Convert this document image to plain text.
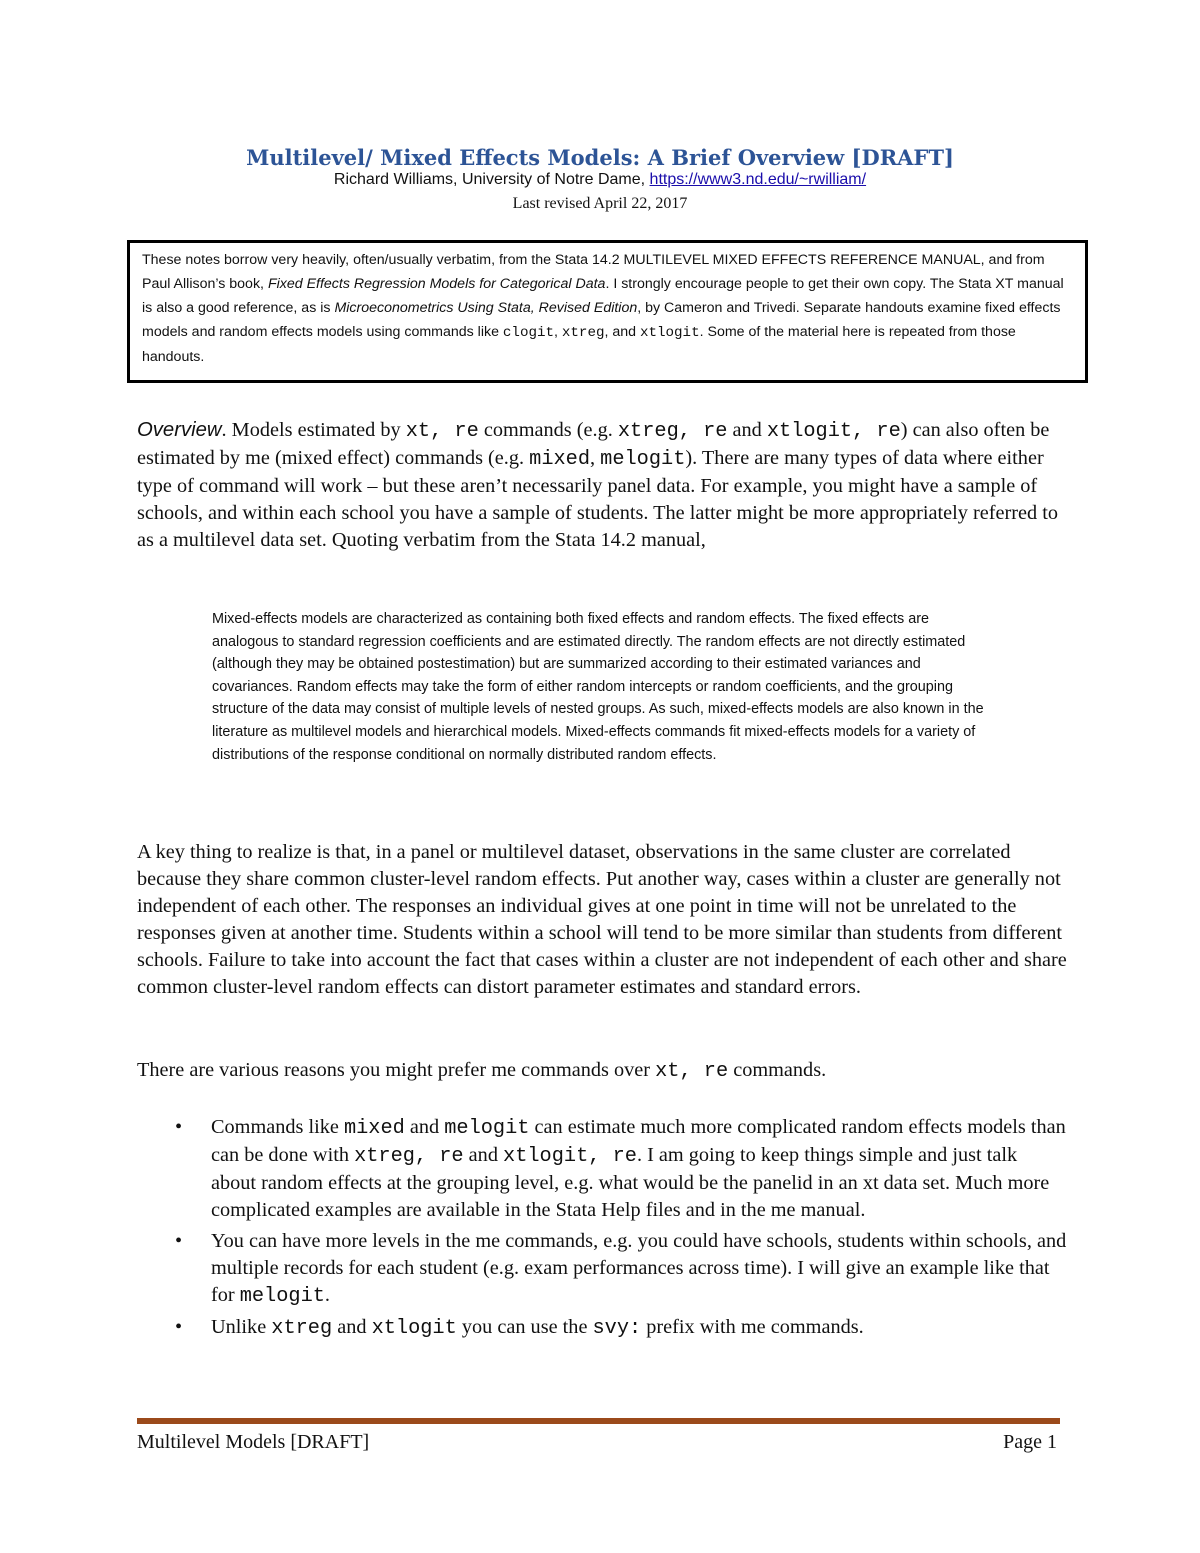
Multilevel/ Mixed Effects Models: A Brief Overview [DRAFT]
Richard Williams, University of Notre Dame, https://www3.nd.edu/~rwilliam/
Last revised April 22, 2017
These notes borrow very heavily, often/usually verbatim, from the Stata 14.2 MULTILEVEL MIXED EFFECTS REFERENCE MANUAL, and from Paul Allison’s book, Fixed Effects Regression Models for Categorical Data. I strongly encourage people to get their own copy. The Stata XT manual is also a good reference, as is Microeconometrics Using Stata, Revised Edition, by Cameron and Trivedi. Separate handouts examine fixed effects models and random effects models using commands like clogit, xtreg, and xtlogit. Some of the material here is repeated from those handouts.
Overview. Models estimated by xt, re commands (e.g. xtreg, re and xtlogit, re) can also often be estimated by me (mixed effect) commands (e.g. mixed, melogit). There are many types of data where either type of command will work – but these aren’t necessarily panel data. For example, you might have a sample of schools, and within each school you have a sample of students. The latter might be more appropriately referred to as a multilevel data set. Quoting verbatim from the Stata 14.2 manual,
Mixed-effects models are characterized as containing both fixed effects and random effects. The fixed effects are analogous to standard regression coefficients and are estimated directly. The random effects are not directly estimated (although they may be obtained postestimation) but are summarized according to their estimated variances and covariances. Random effects may take the form of either random intercepts or random coefficients, and the grouping structure of the data may consist of multiple levels of nested groups. As such, mixed-effects models are also known in the literature as multilevel models and hierarchical models. Mixed-effects commands fit mixed-effects models for a variety of distributions of the response conditional on normally distributed random effects.
A key thing to realize is that, in a panel or multilevel dataset, observations in the same cluster are correlated because they share common cluster-level random effects. Put another way, cases within a cluster are generally not independent of each other. The responses an individual gives at one point in time will not be unrelated to the responses given at another time. Students within a school will tend to be more similar than students from different schools. Failure to take into account the fact that cases within a cluster are not independent of each other and share common cluster-level random effects can distort parameter estimates and standard errors.
There are various reasons you might prefer me commands over xt, re commands.
• Commands like mixed and melogit can estimate much more complicated random effects models than can be done with xtreg, re and xtlogit, re. I am going to keep things simple and just talk about random effects at the grouping level, e.g. what would be the panelid in an xt data set. Much more complicated examples are available in the Stata Help files and in the me manual.
• You can have more levels in the me commands, e.g. you could have schools, students within schools, and multiple records for each student (e.g. exam performances across time). I will give an example like that for melogit.
• Unlike xtreg and xtlogit you can use the svy: prefix with me commands.
Multilevel Models [DRAFT]	Page 1
